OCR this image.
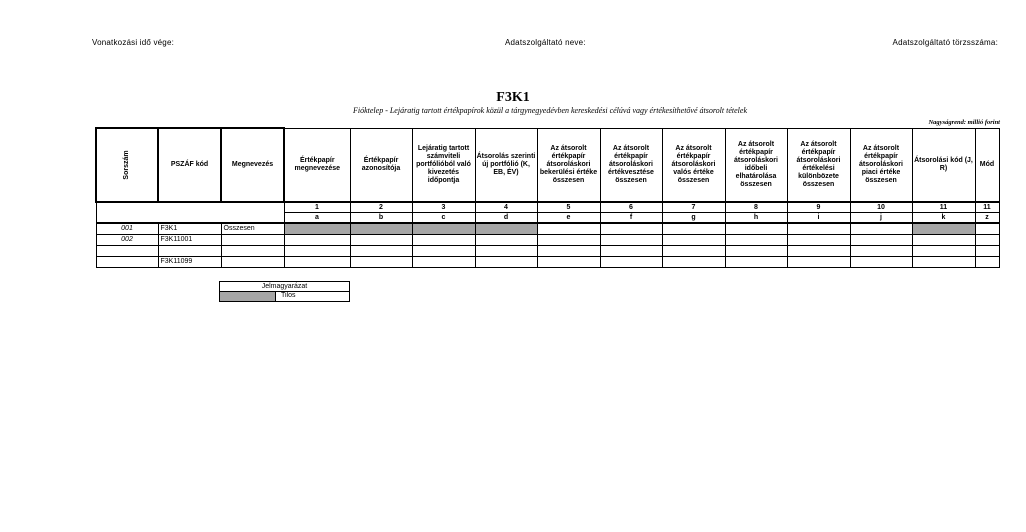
Vonatkozási idő vége:	Adatszolgáltató neve:	Adatszolgáltató törzsszáma:
F3K1
Fióktelep - Lejáratig tartott értékpapírok közül a tárgynegyedévben kereskedési célúvá vagy értékesíthetővé átsorolt tételek
Nagyságrend: millió forint
Sorszám	PSZÁF kód	Megnevezés	Értékpapír megnevezése	Értékpapír azonosítója	Lejáratig tartott számviteli portfólióból való kivezetés időpontja	Átsorolás szerinti új portfólió (K, EB, ÉV)	Az átsorolt értékpapír átsoroláskori bekerülési értéke összesen	Az átsorolt értékpapír átsoroláskori értékvesztése összesen	Az átsorolt értékpapír átsoroláskori valós értéke összesen	Az átsorolt értékpapír átsoroláskori időbeli elhatárolása összesen	Az átsorolt értékpapír átsoroláskori értékelési különbözete összesen	Az átsorolt értékpapír átsoroláskori piaci értéke összesen	Átsorolási kód (J, R)	Mód
			1	2	3	4	5	6	7	8	9	10	11	11
			a	b	c	d	e	f	g	h	i	j	k	z
001	F3K1	Összesen												
002	F3K11001													

	F3K11099													
Jelmagyarázat
Tilos
